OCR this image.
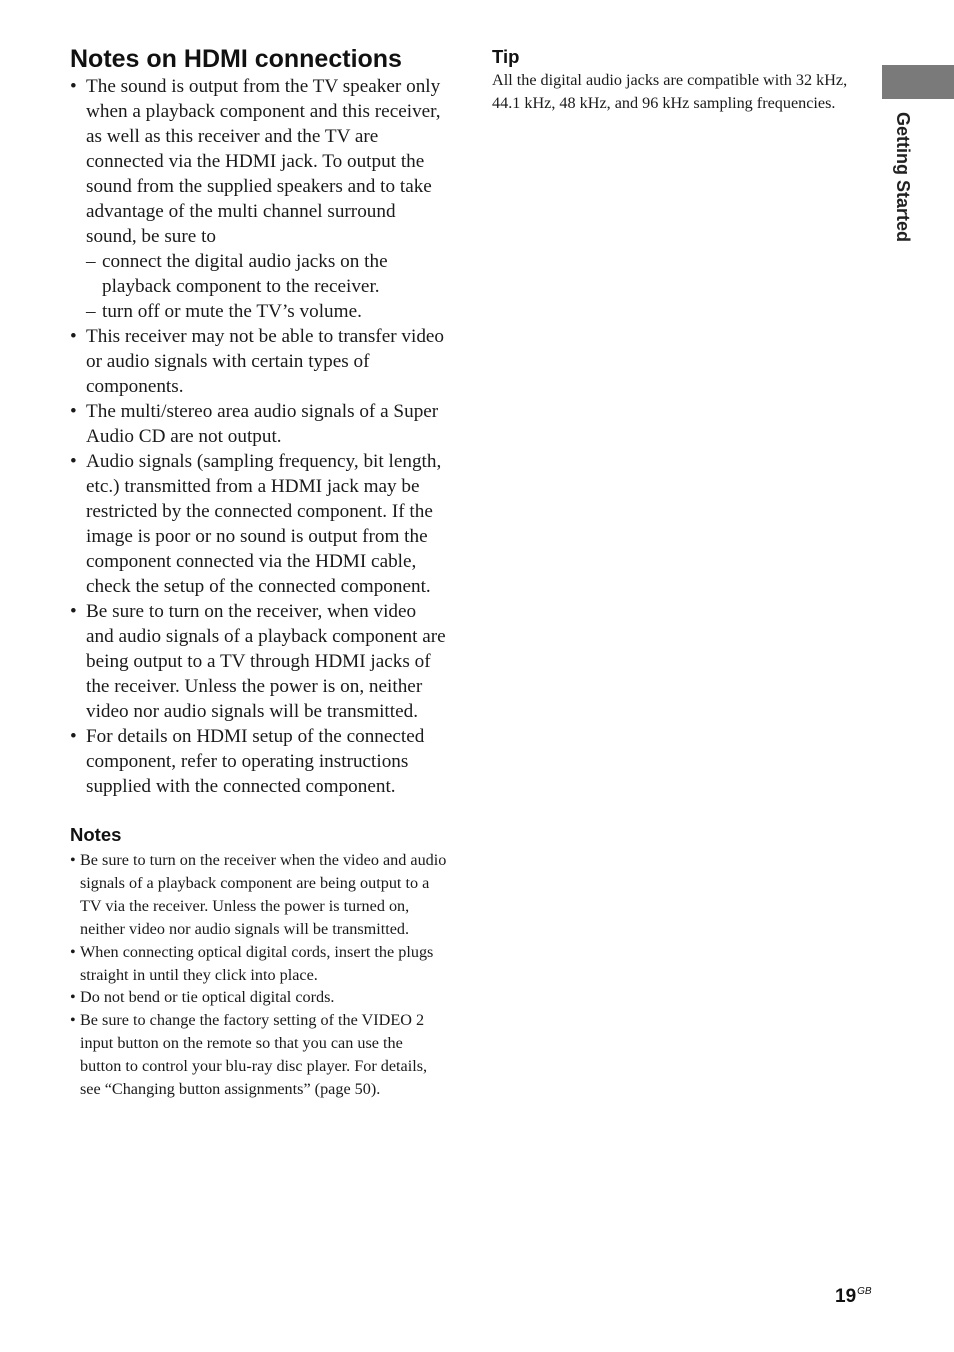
Getting Started
Notes on HDMI connections
• The sound is output from the TV speaker only when a playback component and this receiver, as well as this receiver and the TV are connected via the HDMI jack. To output the sound from the supplied speakers and to take advantage of the multi channel surround sound, be sure to
– connect the digital audio jacks on the playback component to the receiver.
– turn off or mute the TV’s volume.
• This receiver may not be able to transfer video or audio signals with certain types of components.
• The multi/stereo area audio signals of a Super Audio CD are not output.
• Audio signals (sampling frequency, bit length, etc.) transmitted from a HDMI jack may be restricted by the connected component. If the image is poor or no sound is output from the component connected via the HDMI cable, check the setup of the connected component.
• Be sure to turn on the receiver, when video and audio signals of a playback component are being output to a TV through HDMI jacks of the receiver. Unless the power is on, neither video nor audio signals will be transmitted.
• For details on HDMI setup of the connected component, refer to operating instructions supplied with the connected component.
Notes
• Be sure to turn on the receiver when the video and audio signals of a playback component are being output to a TV via the receiver. Unless the power is turned on, neither video nor audio signals will be transmitted.
• When connecting optical digital cords, insert the plugs straight in until they click into place.
• Do not bend or tie optical digital cords.
• Be sure to change the factory setting of the VIDEO 2 input button on the remote so that you can use the button to control your blu-ray disc player. For details, see “Changing button assignments” (page 50).
Tip

All the digital audio jacks are compatible with 32 kHz, 44.1 kHz, 48 kHz, and 96 kHz sampling frequencies.

$19^{GB}$
